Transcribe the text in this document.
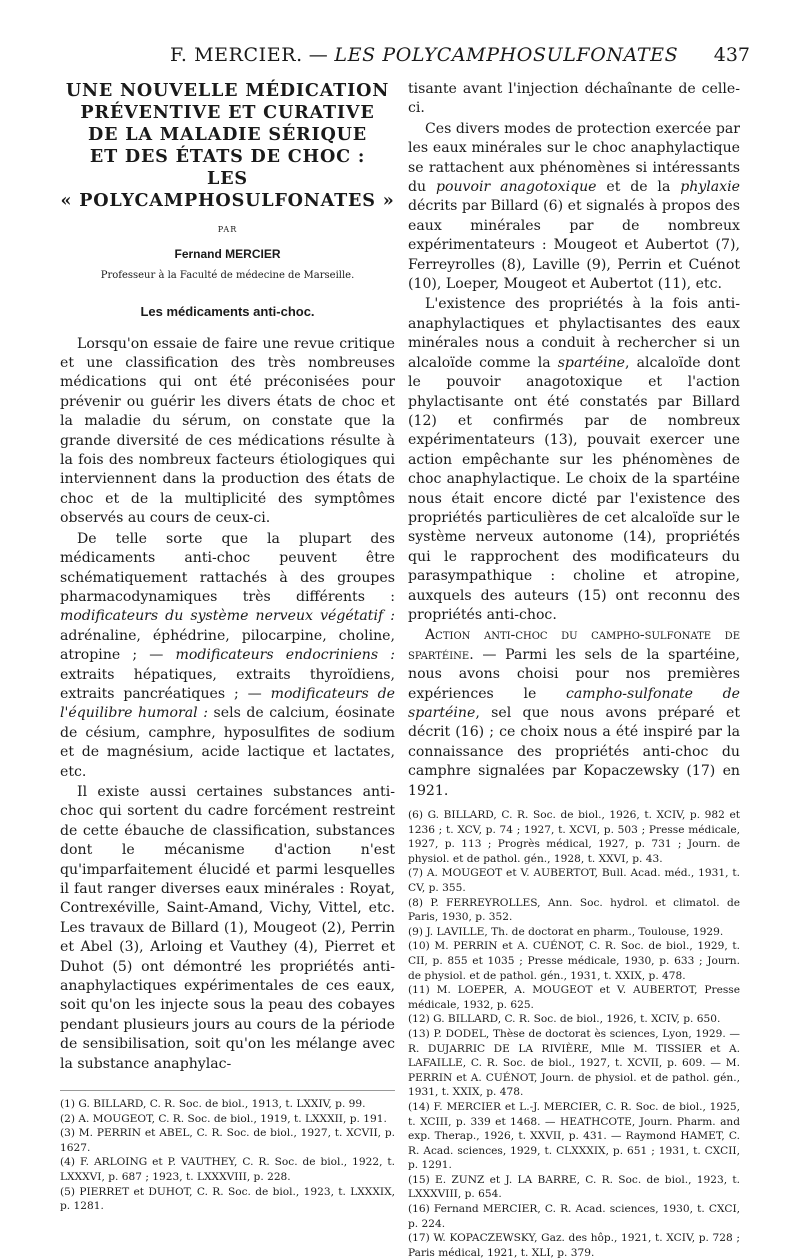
F. MERCIER. — LES POLYCAMPHOSULFONATES 437
UNE NOUVELLE MÉDICATION
PRÉVENTIVE ET CURATIVE
DE LA MALADIE SÉRIQUE
ET DES ÉTATS DE CHOC :
LES
« POLYCAMPHOSULFONATES »
PAR
Fernand MERCIER
Professeur à la Faculté de médecine de Marseille.
Les médicaments anti-choc.

Lorsqu'on essaie de faire une revue critique et une classification des très nombreuses médications qui ont été préconisées pour prévenir ou guérir les divers états de choc et la maladie du sérum, on constate que la grande diversité de ces médications résulte à la fois des nombreux facteurs étiologiques qui interviennent dans la production des états de choc et de la multiplicité des symptômes observés au cours de ceux-ci.

De telle sorte que la plupart des médicaments anti-choc peuvent être schématiquement rattachés à des groupes pharmacodynamiques très différents : modificateurs du système nerveux végétatif : adrénaline, éphédrine, pilocarpine, choline, atropine ; — modificateurs endocriniens : extraits hépatiques, extraits thyroïdiens, extraits pancréatiques ; — modificateurs de l'équilibre humoral : sels de calcium, éosinate de césium, camphre, hyposulfites de sodium et de magnésium, acide lactique et lactates, etc.

Il existe aussi certaines substances anti-choc qui sortent du cadre forcément restreint de cette ébauche de classification, substances dont le mécanisme d'action n'est qu'imparfaitement élucidé et parmi lesquelles il faut ranger diverses eaux minérales : Royat, Contrexéville, Saint-Amand, Vichy, Vittel, etc. Les travaux de Billard (1), Mougeot (2), Perrin et Abel (3), Arloing et Vauthey (4), Pierret et Duhot (5) ont démontré les propriétés anti-anaphylactiques expérimentales de ces eaux, soit qu'on les injecte sous la peau des cobayes pendant plusieurs jours au cours de la période de sensibilisation, soit qu'on les mélange avec la substance anaphylac-

(1) G. BILLARD, C. R. Soc. de biol., 1913, t. LXXIV, p. 99.
(2) A. MOUGEOT, C. R. Soc. de biol., 1919, t. LXXXII, p. 191.
(3) M. PERRIN et ABEL, C. R. Soc. de biol., 1927, t. XCVII, p. 1627.
(4) F. ARLOING et P. VAUTHEY, C. R. Soc. de biol., 1922, t. LXXXVI, p. 687 ; 1923, t. LXXXVIII, p. 228.
(5) PIERRET et DUHOT, C. R. Soc. de biol., 1923, t. LXXXIX, p. 1281.

tisante avant l'injection déchaînante de celle-ci.

Ces divers modes de protection exercée par les eaux minérales sur le choc anaphylactique se rattachent aux phénomènes si intéressants du pouvoir anagotoxique et de la phylaxie décrits par Billard (6) et signalés à propos des eaux minérales par de nombreux expérimentateurs : Mougeot et Aubertot (7), Ferreyrolles (8), Laville (9), Perrin et Cuénot (10), Loeper, Mougeot et Aubertot (11), etc.

L'existence des propriétés à la fois anti-anaphylactiques et phylactisantes des eaux minérales nous a conduit à rechercher si un alcaloïde comme la spartéine, alcaloïde dont le pouvoir anagotoxique et l'action phylactisante ont été constatés par Billard (12) et confirmés par de nombreux expérimentateurs (13), pouvait exercer une action empêchante sur les phénomènes de choc anaphylactique. Le choix de la spartéine nous était encore dicté par l'existence des propriétés particulières de cet alcaloïde sur le système nerveux autonome (14), propriétés qui le rapprochent des modificateurs du parasympathique : choline et atropine, auxquels des auteurs (15) ont reconnu des propriétés anti-choc.

Action anti-choc du campho-sulfonate de spartéine. — Parmi les sels de la spartéine, nous avons choisi pour nos premières expériences le campho-sulfonate de spartéine, sel que nous avons préparé et décrit (16) ; ce choix nous a été inspiré par la connaissance des propriétés anti-choc du camphre signalées par Kopaczewsky (17) en 1921.

(6) G. BILLARD, C. R. Soc. de biol., 1926, t. XCIV, p. 982 et 1236 ; t. XCV, p. 74 ; 1927, t. XCVI, p. 503 ; Presse médicale, 1927, p. 113 ; Progrès médical, 1927, p. 731 ; Journ. de physiol. et de pathol. gén., 1928, t. XXVI, p. 43.
(7) A. MOUGEOT et V. AUBERTOT, Bull. Acad. méd., 1931, t. CV, p. 355.
(8) P. FERREYROLLES, Ann. Soc. hydrol. et climatol. de Paris, 1930, p. 352.
(9) J. LAVILLE, Th. de doctorat en pharm., Toulouse, 1929.
(10) M. PERRIN et A. CUÉNOT, C. R. Soc. de biol., 1929, t. CII, p. 855 et 1035 ; Presse médicale, 1930, p. 633 ; Journ. de physiol. et de pathol. gén., 1931, t. XXIX, p. 478.
(11) M. LOEPER, A. MOUGEOT et V. AUBERTOT, Presse médicale, 1932, p. 625.
(12) G. BILLARD, C. R. Soc. de biol., 1926, t. XCIV, p. 650.
(13) P. DODEL, Thèse de doctorat ès sciences, Lyon, 1929. — R. DUJARRIC DE LA RIVIÈRE, Mlle M. TISSIER et A. LAFAILLE, C. R. Soc. de biol., 1927, t. XCVII, p. 609. — M. PERRIN et A. CUÉNOT, Journ. de physiol. et de pathol. gén., 1931, t. XXIX, p. 478.
(14) F. MERCIER et L.-J. MERCIER, C. R. Soc. de biol., 1925, t. XCIII, p. 339 et 1468. — HEATHCOTE, Journ. Pharm. and exp. Therap., 1926, t. XXVII, p. 431. — Raymond HAMET, C. R. Acad. sciences, 1929, t. CLXXXIX, p. 651 ; 1931, t. CXCII, p. 1291.
(15) E. ZUNZ et J. LA BARRE, C. R. Soc. de biol., 1923, t. LXXXVIII, p. 654.
(16) Fernand MERCIER, C. R. Acad. sciences, 1930, t. CXCI, p. 224.
(17) W. KOPACZEWSKY, Gaz. des hôp., 1921, t. XCIV, p. 728 ; Paris médical, 1921, t. XLI, p. 379.
